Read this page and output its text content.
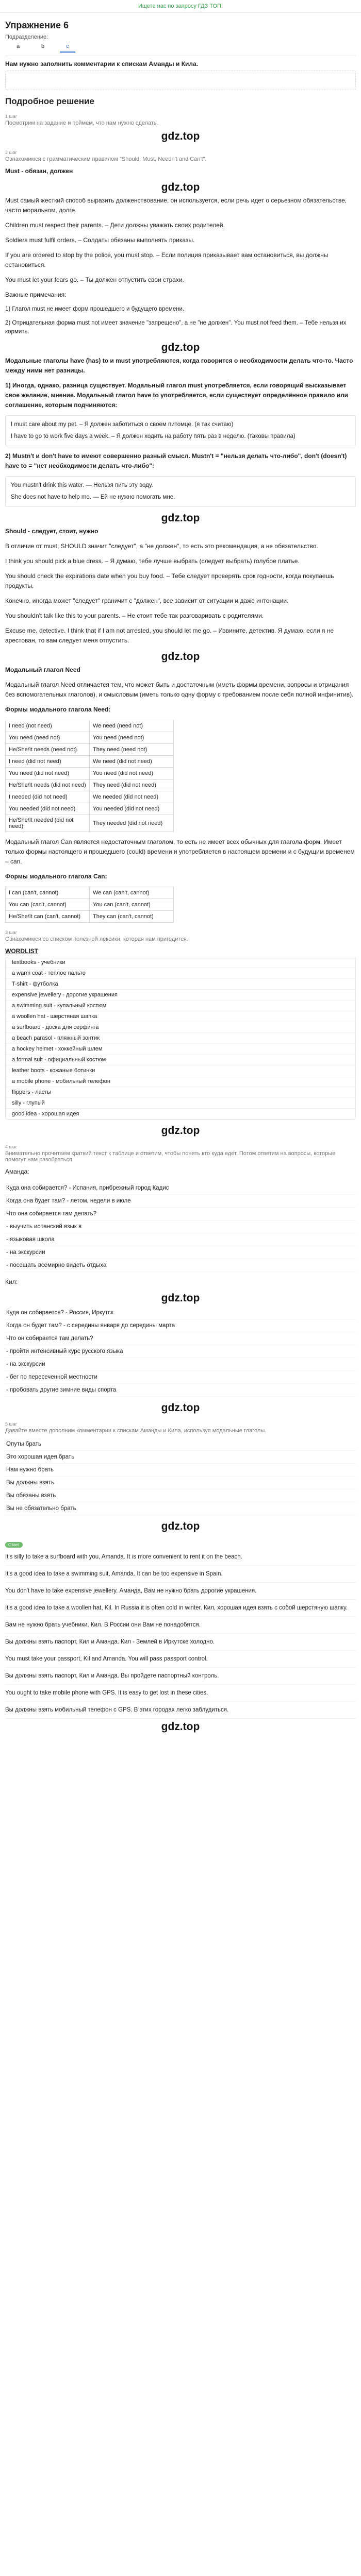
Ищете нас по запросу ГДЗ ТОП!
Упражнение 6
Подразделение:
a	b	c
Нам нужно заполнить комментарии к спискам Аманды и Кила.
Подробное решение
1 шаг
Посмотрим на задание и поймем, что нам нужно сделать.
gdz.top
2 шаг
Ознакомимся с грамматическим правилом "Should, Must, Needn't and Can't".
Must - обязан, должен
gdz.top
Must самый жесткий способ выразить долженствование, он используется, если речь идет о серьезном обязательстве, часто моральном, долге.
Children must respect their parents. – Дети должны уважать своих родителей.
Soldiers must fulfil orders. – Солдаты обязаны выполнять приказы.
If you are ordered to stop by the police, you must stop. – Если полиция приказывает вам остановиться, вы должны остановиться.
You must let your fears go. – Ты должен отпустить свои страхи.
Важные примечания:
1) Глагол must не имеет форм прошедшего и будущего времени.
2) Отрицательная форма must not имеет значение "запрещено", а не "не должен". You must not feed them. – Тебе нельзя их кормить.
gdz.top
Модальные глаголы have (has) to и must употребляются, когда говорится о необходимости делать что-то. Часто между ними нет разницы.
1) Иногда, однако, разница существует. Модальный глагол must употребляется, если говорящий высказывает свое желание, мнение. Модальный глагол have to употребляется, если существует определённое правило или соглашение, которым подчиняются:
I must care about my pet. – Я должен заботиться о своем питомце. (я так считаю)
I have to go to work five days a week. – Я должен ходить на работу пять раз в неделю. (таковы правила)
2) Mustn't и don't have to имеют совершенно разный смысл. Mustn't = "нельзя делать что-либо", don't (doesn't) have to = "нет необходимости делать что-либо":
You mustn't drink this water. — Нельзя пить эту воду.
She does not have to help me. — Ей не нужно помогать мне.
gdz.top
Should - следует, стоит, нужно
В отличие от must, SHOULD значит "следует", а "не должен", то есть это рекомендация, а не обязательство.
I think you should pick a blue dress. – Я думаю, тебе лучше выбрать (следует выбрать) голубое платье.
You should check the expirations date when you buy food. – Тебе следует проверять срок годности, когда покупаешь продукты.
Конечно, иногда может "следует" граничит с "должен", все зависит от ситуации и даже интонации.
You shouldn't talk like this to your parents. – Не стоит тебе так разговаривать с родителями.
Excuse me, detective. I think that if I am not arrested, you should let me go. – Извините, детектив. Я думаю, если я не арестован, то вам следует меня отпустить.
gdz.top
Модальный глагол Need
Модальный глагол Need отличается тем, что может быть и достаточным (иметь формы времени, вопросы и отрицания без вспомогательных глаголов), и смысловым (иметь только одну форму с требованием после себя полной инфинитив).
Формы модального глагола Need:
I need (not need)	We need (need not)
You need (need not)	You need (need not)
He/She/It needs (need not)	They need (need not)
I need (did not need)	We need (did not need)
You need (did not need)	You need (did not need)
He/She/It needs (did not need)	They need (did not need)
I needed (did not need)	We needed (did not need)
You needed (did not need)	You needed (did not need)
He/She/It needed (did not need)	They needed (did not need)
Модальный глагол Can является недостаточным глаголом, то есть не имеет всех обычных для глагола форм. Имеет только формы настоящего и прошедшего (could) времени и употребляется в настоящем времени и с будущим временем – can.
Формы модального глагола Can:
I can (can't, cannot)	We can (can't, cannot)
You can (can't, cannot)	You can (can't, cannot)
He/She/It can (can't, cannot)	They can (can't, cannot)
3 шаг
Ознакомимся со списком полезной лексики, которая нам пригодится.
WORDLIST
textbooks - учебники
a warm coat - теплое пальто
T-shirt - футболка
expensive jewellery - дорогие украшения
a swimming suit - купальный костюм
a woollen hat - шерстяная шапка
a surfboard - доска для серфинга
a beach parasol - пляжный зонтик
a hockey helmet - хоккейный шлем
a formal suit - официальный костюм
leather boots - кожаные ботинки
a mobile phone - мобильный телефон
flippers - ласты
silly - глупый
good idea - хорошая идея
gdz.top
4 шаг
Внимательно прочитаем краткий текст к таблице и ответим, чтобы понять кто куда едет. Потом ответим на вопросы, которые помогут нам разобраться.
Аманда:
Куда она собирается? - Испания, прибрежный город Кадис
Когда она будет там? - летом, недели в июле
Что она собирается там делать?
- выучить испанский язык в
- языковая школа
- на экскурсии
- посещать всемирно видеть отдыха
Кил:
gdz.top
Куда он собирается? - Россия, Иркутск
Когда он будет там? - с середины января до середины марта
Что он собирается там делать?
- пройти интенсивный курс русского языка
- на экскурсии
- бег по пересеченной местности
- пробовать другие зимние виды спорта
gdz.top
5 шаг
Давайте вместе дополним комментарии к спискам Аманды и Кила, используя модальные глаголы.
Опуты брать
Это хорошая идея брать
Нам нужно брать
Вы должны взять
Вы обязаны взять
Вы не обязательно брать
gdz.top
Ответ
It's silly to take a surfboard with you, Amanda. It is more convenient to rent it on the beach.
It's a good idea to take a swimming suit, Amanda. It can be too expensive in Spain.
You don't have to take expensive jewellery. Аманда, Вам не нужно брать дорогие украшения.
It's a good idea to take a woollen hat, Kil. In Russia it is often cold in winter. Кил, хорошая идея взять с собой шерстяную шапку.
Вам не нужно брать учебники, Кил. В России они Вам не понадобятся.
Вы должны взять паспорт, Кил и Аманда. Кил - Землей в Иркутске холодно.
You must take your passport, Kil and Amanda. You will pass passport control.
Вы должны взять паспорт, Кил и Аманда. Вы пройдете паспортный контроль.
You ought to take mobile phone with GPS. It is easy to get lost in these cities.
Вы должны взять мобильный телефон с GPS. В этих городах легко заблудиться.
gdz.top
